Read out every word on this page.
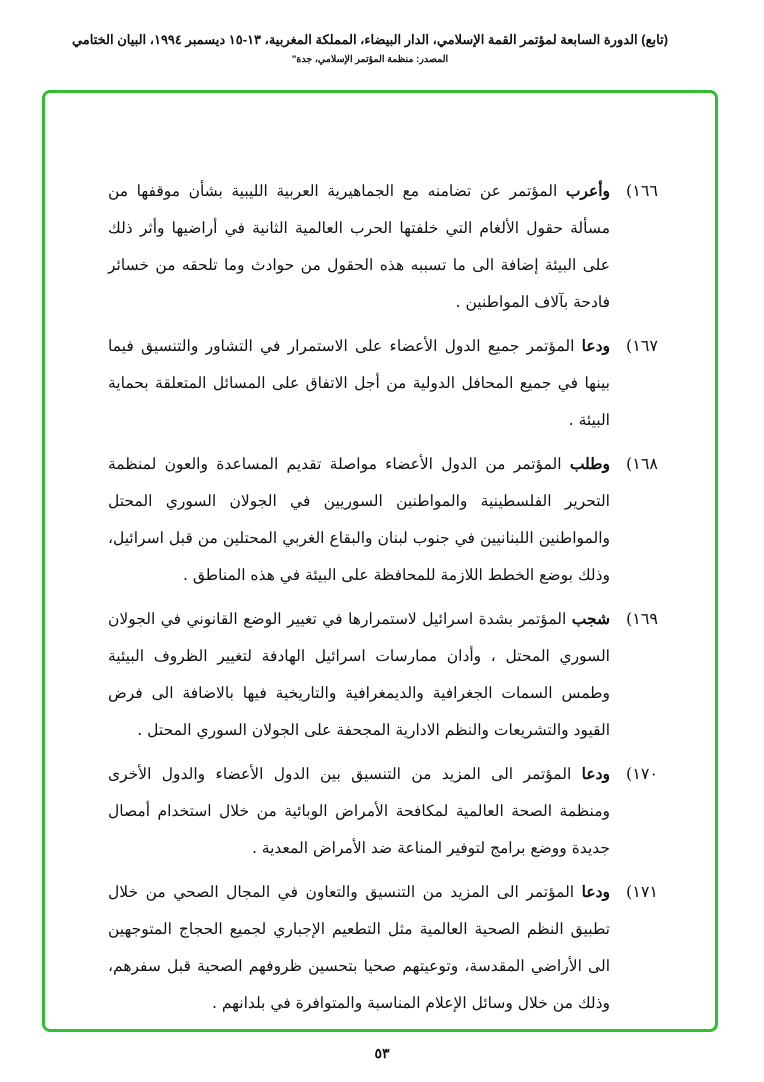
(تابع) الدورة السابعة لمؤتمر القمة الإسلامي، الدار البيضاء، المملكة المغربية، ١٣-١٥ ديسمبر ١٩٩٤، البيان الختامي
المصدر: منظمة المؤتمر الإسلامي، جدة"
١٦٦)
وأعرب المؤتمر عن تضامنه مع الجماهيرية العربية الليبية بشأن موقفها من مسألة حقول الألغام التي خلفتها الحرب العالمية الثانية في أراضيها وأثر ذلك على البيئة إضافة الى ما تسببه هذه الحقول من حوادث وما تلحقه من خسائر فادحة بآلاف المواطنين .
١٦٧)
ودعا المؤتمر جميع الدول الأعضاء على الاستمرار في التشاور والتنسيق فيما بينها في جميع المحافل الدولية من أجل الاتفاق على المسائل المتعلقة بحماية البيئة .
١٦٨)
وطلب المؤتمر من الدول الأعضاء مواصلة تقديم المساعدة والعون لمنظمة التحرير الفلسطينية والمواطنين السوريين في الجولان السوري المحتل والمواطنين اللبنانيين في جنوب لبنان والبقاع الغربي المحتلين من قبل اسرائيل، وذلك بوضع الخطط اللازمة للمحافظة على البيئة في هذه المناطق .
١٦٩)
شجب المؤتمر بشدة اسرائيل لاستمرارها في تغيير الوضع القانوني في الجولان السوري المحتل ، وأدان ممارسات اسرائيل الهادفة لتغيير الظروف البيئية وطمس السمات الجغرافية والديمغرافية والتاريخية فيها بالاضافة الى فرض القيود والتشريعات والنظم الادارية المجحفة على الجولان السوري المحتل .
١٧٠)
ودعا المؤتمر الى المزيد من التنسيق بين الدول الأعضاء والدول الأخرى ومنظمة الصحة العالمية لمكافحة الأمراض الوبائية من خلال استخدام أمصال جديدة ووضع برامج لتوفير المناعة ضد الأمراض المعدية .
١٧١)
ودعا المؤتمر الى المزيد من التنسيق والتعاون في المجال الصحي من خلال تطبيق النظم الصحية العالمية مثل التطعيم الإجباري لجميع الحجاج المتوجهين الى الأراضي المقدسة، وتوعيتهم صحيا بتحسين ظروفهم الصحية قبل سفرهم، وذلك من خلال وسائل الإعلام المناسبة والمتوافرة في بلدانهم .
٥٣
